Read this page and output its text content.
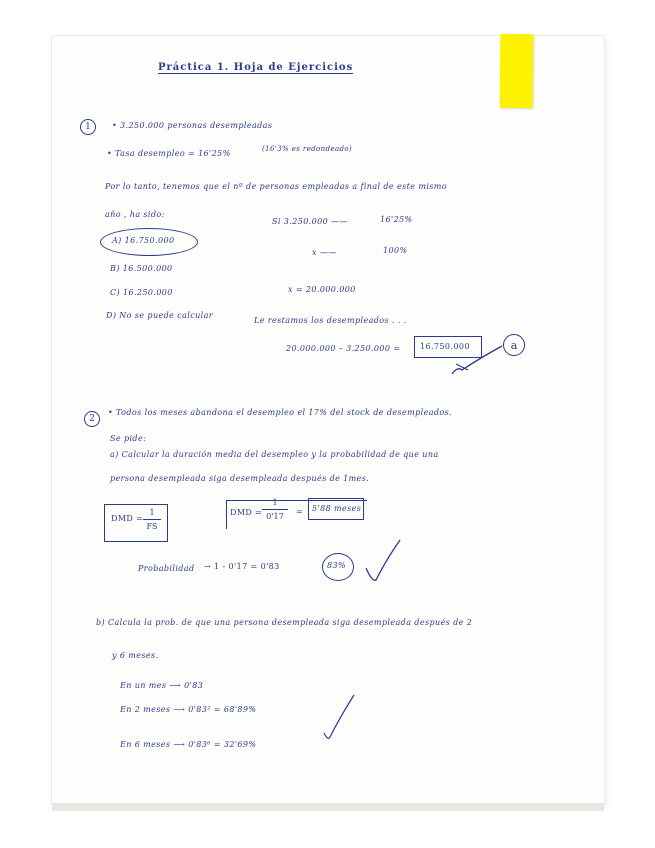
Práctica 1. Hoja de Ejercicios
1	• 3.250.000 personas desempleadas
• Tasa desempleo = 16'25%	(16'3% es redondeado)
Por lo tanto, tenemos que el nº de personas empleadas a final de este mismo
año , ha sido:
A) 16.750.000
B) 16.500.000
C) 16.250.000
D) No se puede calcular
Si 3.250.000 ——	16'25%
x ——	100%
x = 20.000.000
Le restamos los desempleados . . .
20.000.000 – 3.250.000 = 16.750.000	a
2
• Todos los meses abandona el desempleo el 17% del stock de desempleados.
Se pide:
a) Calcular la duración media del desempleo y la probabilidad de que una
persona desempleada siga desempleada después de 1mes.
DMD =
1
FS
DMD =
1
0'17
= 5'88 meses
Probabilidad → 1 - 0'17 = 0'83	83%
b) Calcula la prob. de que una persona desempleada siga desempleada después de 2
y 6 meses.
En un mes ⟶ 0'83
En 2 meses ⟶ 0'83² = 68'89%
En 6 meses ⟶ 0'83⁶ = 32'69%
